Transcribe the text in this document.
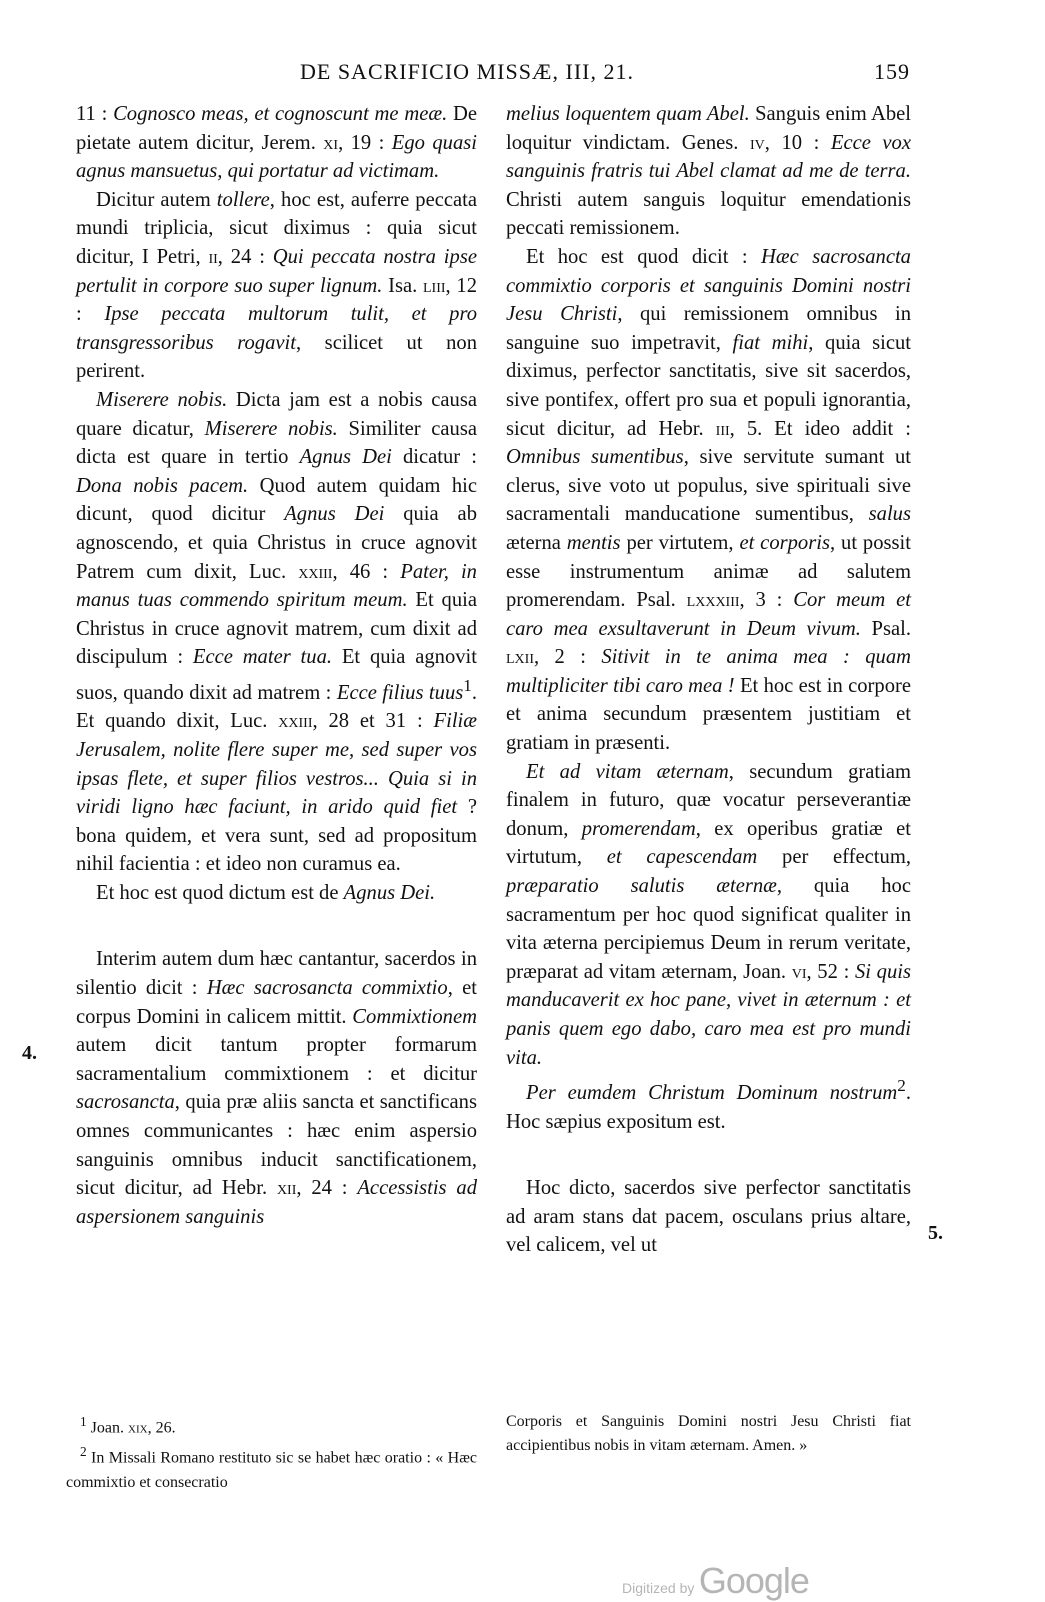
DE SACRIFICIO MISSÆ, III, 21.	159

11 : Cognosco meas, et cognoscunt me meæ. De pietate autem dicitur, Jerem. xi, 19 : Ego quasi agnus mansuetus, qui portatur ad victimam.

Dicitur autem tollere, hoc est, auferre peccata mundi triplicia, sicut diximus : quia sicut dicitur, I Petri, ii, 24 : Qui peccata nostra ipse pertulit in corpore suo super lignum. Isa. liii, 12 : Ipse peccata multorum tulit, et pro transgressoribus rogavit, scilicet ut non perirent.

Miserere nobis. Dicta jam est a nobis causa quare dicatur, Miserere nobis. Similiter causa dicta est quare in tertio Agnus Dei dicatur : Dona nobis pacem. Quod autem quidam hic dicunt, quod dicitur Agnus Dei quia ab agnoscendo, et quia Christus in cruce agnovit Patrem cum dixit, Luc. xxiii, 46 : Pater, in manus tuas commendo spiritum meum. Et quia Christus in cruce agnovit matrem, cum dixit ad discipulum : Ecce mater tua. Et quia agnovit suos, quando dixit ad matrem : Ecce filius tuus$^1$. Et quando dixit, Luc. xxiii, 28 et 31 : Filiæ Jerusalem, nolite flere super me, sed super vos ipsas flete, et super filios vestros... Quia si in viridi ligno hæc faciunt, in arido quid fiet ? bona quidem, et vera sunt, sed ad propositum nihil facientia : et ideo non curamus ea.

Et hoc est quod dictum est de Agnus Dei.

Interim autem dum hæc cantantur, sacerdos in silentio dicit : Hæc sacrosancta commixtio, et corpus Domini in calicem mittit. Commixtionem autem dicit tantum propter formarum sacramentalium commixtionem : et dicitur sacrosancta, quia præ aliis sancta et sanctificans omnes communicantes : hæc enim aspersio sanguinis omnibus inducit sanctificationem, sicut dicitur, ad Hebr. xii, 24 : Accessistis ad aspersionem sanguinis

melius loquentem quam Abel. Sanguis enim Abel loquitur vindictam. Genes. iv, 10 : Ecce vox sanguinis fratris tui Abel clamat ad me de terra. Christi autem sanguis loquitur emendationis peccati remissionem.

Et hoc est quod dicit : Hæc sacrosancta commixtio corporis et sanguinis Domini nostri Jesu Christi, qui remissionem omnibus in sanguine suo impetravit, fiat mihi, quia sicut diximus, perfector sanctitatis, sive sit sacerdos, sive pontifex, offert pro sua et populi ignorantia, sicut dicitur, ad Hebr. iii, 5. Et ideo addit : Omnibus sumentibus, sive servitute sumant ut clerus, sive voto ut populus, sive spirituali sive sacramentali manducatione sumentibus, salus æterna mentis per virtutem, et corporis, ut possit esse instrumentum animæ ad salutem promerendam. Psal. lxxxiii, 3 : Cor meum et caro mea exsultaverunt in Deum vivum. Psal. lxii, 2 : Sitivit in te anima mea : quam multipliciter tibi caro mea ! Et hoc est in corpore et anima secundum præsentem justitiam et gratiam in præsenti.

Et ad vitam æternam, secundum gratiam finalem in futuro, quæ vocatur perseverantiæ donum, promerendam, ex operibus gratiæ et virtutum, et capescendam per effectum, præparatio salutis æternæ, quia hoc sacramentum per hoc quod significat qualiter in vita æterna percipiemus Deum in rerum veritate, præparat ad vitam æternam, Joan. vi, 52 : Si quis manducaverit ex hoc pane, vivet in æternum : et panis quem ego dabo, caro mea est pro mundi vita.

Per eumdem Christum Dominum nostrum$^2$. Hoc sæpius expositum est.

Hoc dicto, sacerdos sive perfector sanctitatis ad aram stans dat pacem, osculans prius altare, vel calicem, vel ut

4.
5.

$^1$ Joan. xix, 26.

$^2$ In Missali Romano restituto sic se habet hæc oratio : « Hæc commixtio et consecratio

Corporis et Sanguinis Domini nostri Jesu Christi fiat accipientibus nobis in vitam æternam. Amen. »

Digitized by Google
